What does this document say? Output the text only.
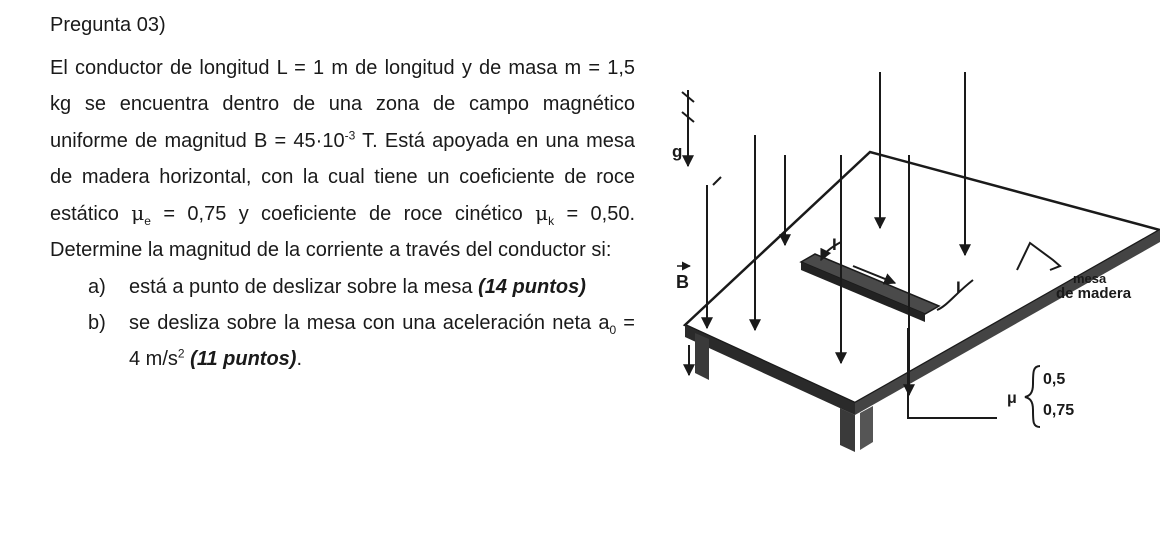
Pregunta 03)

El conductor de longitud L = 1 m de longitud y de masa m = 1,5 kg se encuentra dentro de una zona de campo magnético uniforme de magnitud $B = 45\cdot 10^{-3}$ T. Está apoyada en una mesa de madera horizontal, con la cual tiene un coeficiente de roce estático $\mu_e = 0,75$ y coeficiente de roce cinético $\mu_k = 0,50$. Determine la magnitud de la corriente a través del conductor si:

a)	está a punto de deslizar sobre la mesa (14 puntos)
b)	se desliza sobre la mesa con una aceleración neta $a_0 = 4$ $m/s^2$ (11 puntos).
g
I
I
B	mesa
de madera
μ
0,5
0,75
